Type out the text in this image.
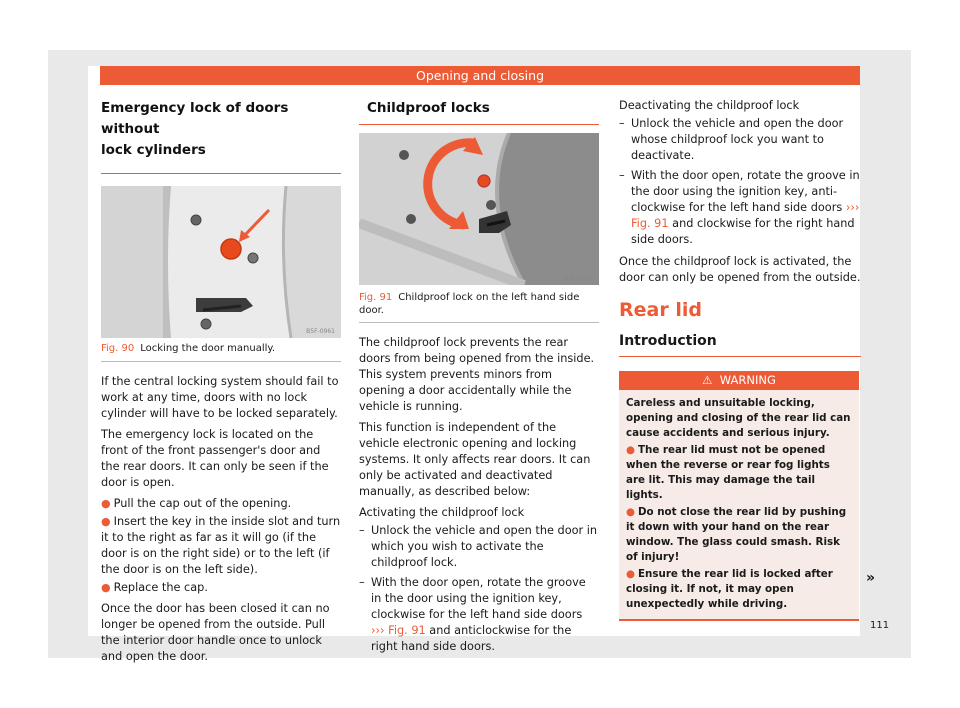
Opening and closing
Emergency lock of doors without
lock cylinders
B5F-0961
Fig. 90 Locking the door manually.

If the central locking system should fail to work at any time, doors with no lock cylinder will have to be locked separately.

The emergency lock is located on the front of the front passenger's door and the rear doors. It can only be seen if the door is open.

● Pull the cap out of the opening.
● Insert the key in the inside slot and turn it to the right as far as it will go (if the door is on the right side) or to the left (if the door is on the left side).
● Replace the cap.

Once the door has been closed it can no longer be opened from the outside. Pull the interior door handle once to unlock and open the door.

Childproof locks
B5F-0959
Fig. 91 Childproof lock on the left hand side door.

The childproof lock prevents the rear doors from being opened from the inside. This system prevents minors from opening a door accidentally while the vehicle is running.

This function is independent of the vehicle electronic opening and locking systems. It only affects rear doors. It can only be activated and deactivated manually, as described below:

Activating the childproof lock

– Unlock the vehicle and open the door in which you wish to activate the childproof lock.
– With the door open, rotate the groove in the door using the ignition key, clockwise for the left hand side doors ››› Fig. 91 and anticlockwise for the right hand side doors.

Deactivating the childproof lock

– Unlock the vehicle and open the door whose childproof lock you want to deactivate.
– With the door open, rotate the groove in the door using the ignition key, anti-clockwise for the left hand side doors ››› Fig. 91 and clockwise for the right hand side doors.

Once the childproof lock is activated, the door can only be opened from the outside.

Rear lid
Introduction
⚠ WARNING
Careless and unsuitable locking, opening and closing of the rear lid can cause accidents and serious injury.
● The rear lid must not be opened when the reverse or rear fog lights are lit. This may damage the tail lights.
● Do not close the rear lid by pushing it down with your hand on the rear window. The glass could smash. Risk of injury!
● Ensure the rear lid is locked after closing it. If not, it may open unexpectedly while driving.
»
111
